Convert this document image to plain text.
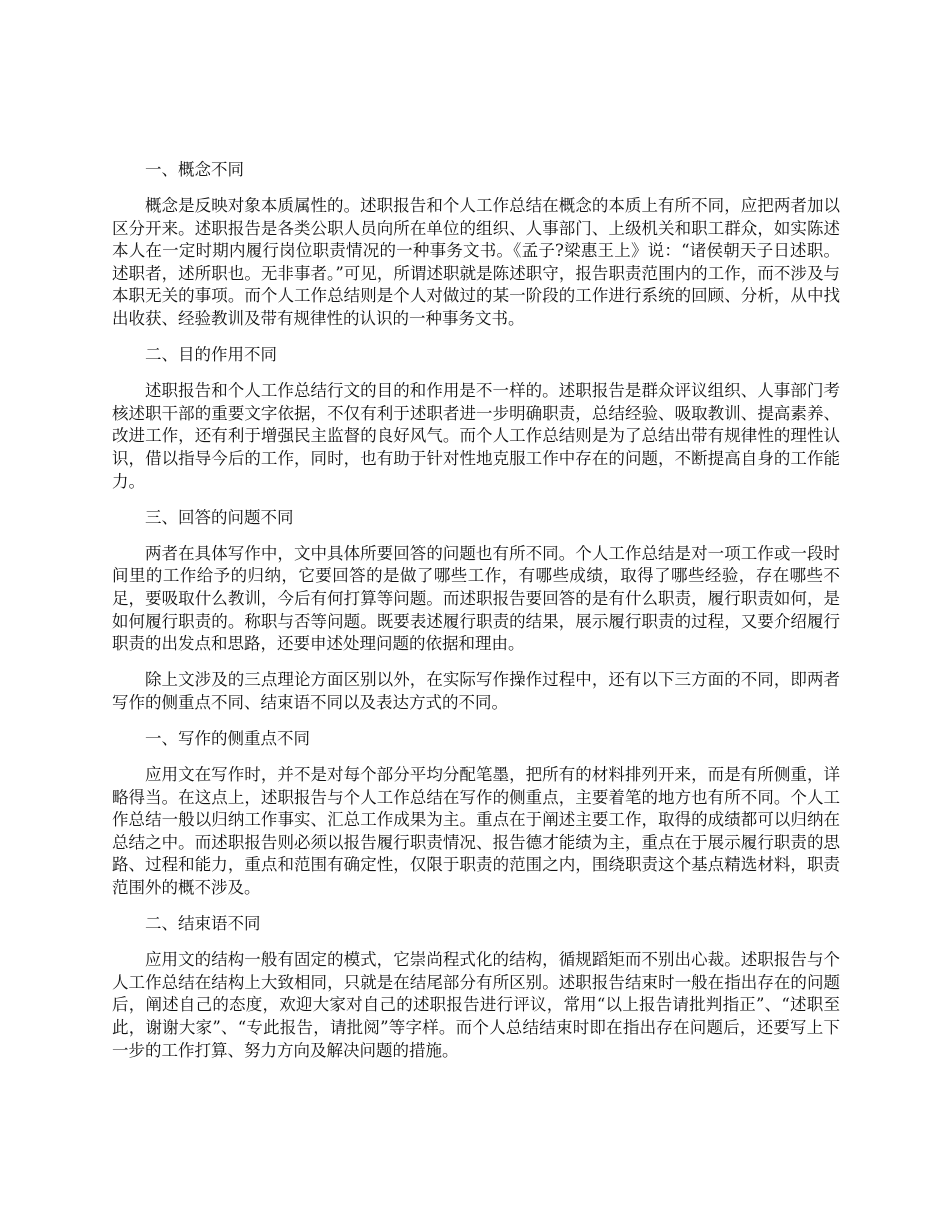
一、概念不同

概念是反映对象本质属性的。述职报告和个人工作总结在概念的本质上有所不同，应把两者加以区分开来。述职报告是各类公职人员向所在单位的组织、人事部门、上级机关和职工群众，如实陈述本人在一定时期内履行岗位职责情况的一种事务文书。《孟子?梁惠王上》说：“诸侯朝天子日述职。述职者，述所职也。无非事者。”可见，所谓述职就是陈述职守，报告职责范围内的工作，而不涉及与本职无关的事项。而个人工作总结则是个人对做过的某一阶段的工作进行系统的回顾、分析，从中找出收获、经验教训及带有规律性的认识的一种事务文书。

二、目的作用不同

述职报告和个人工作总结行文的目的和作用是不一样的。述职报告是群众评议组织、人事部门考核述职干部的重要文字依据，不仅有利于述职者进一步明确职责，总结经验、吸取教训、提高素养、改进工作，还有利于增强民主监督的良好风气。而个人工作总结则是为了总结出带有规律性的理性认识，借以指导今后的工作，同时，也有助于针对性地克服工作中存在的问题，不断提高自身的工作能力。

三、回答的问题不同

两者在具体写作中，文中具体所要回答的问题也有所不同。个人工作总结是对一项工作或一段时间里的工作给予的归纳，它要回答的是做了哪些工作，有哪些成绩，取得了哪些经验，存在哪些不足，要吸取什么教训，今后有何打算等问题。而述职报告要回答的是有什么职责，履行职责如何，是如何履行职责的。称职与否等问题。既要表述履行职责的结果，展示履行职责的过程，又要介绍履行职责的出发点和思路，还要申述处理问题的依据和理由。

除上文涉及的三点理论方面区别以外，在实际写作操作过程中，还有以下三方面的不同，即两者写作的侧重点不同、结束语不同以及表达方式的不同。

一、写作的侧重点不同

应用文在写作时，并不是对每个部分平均分配笔墨，把所有的材料排列开来，而是有所侧重，详略得当。在这点上，述职报告与个人工作总结在写作的侧重点，主要着笔的地方也有所不同。个人工作总结一般以归纳工作事实、汇总工作成果为主。重点在于阐述主要工作，取得的成绩都可以归纳在总结之中。而述职报告则必须以报告履行职责情况、报告德才能绩为主，重点在于展示履行职责的思路、过程和能力，重点和范围有确定性，仅限于职责的范围之内，围绕职责这个基点精选材料，职责范围外的概不涉及。

二、结束语不同

应用文的结构一般有固定的模式，它崇尚程式化的结构，循规蹈矩而不别出心裁。述职报告与个人工作总结在结构上大致相同，只就是在结尾部分有所区别。述职报告结束时一般在指出存在的问题后，阐述自己的态度，欢迎大家对自己的述职报告进行评议，常用“以上报告请批判指正”、“述职至此，谢谢大家”、“专此报告，请批阅”等字样。而个人总结结束时即在指出存在问题后，还要写上下一步的工作打算、努力方向及解决问题的措施。
